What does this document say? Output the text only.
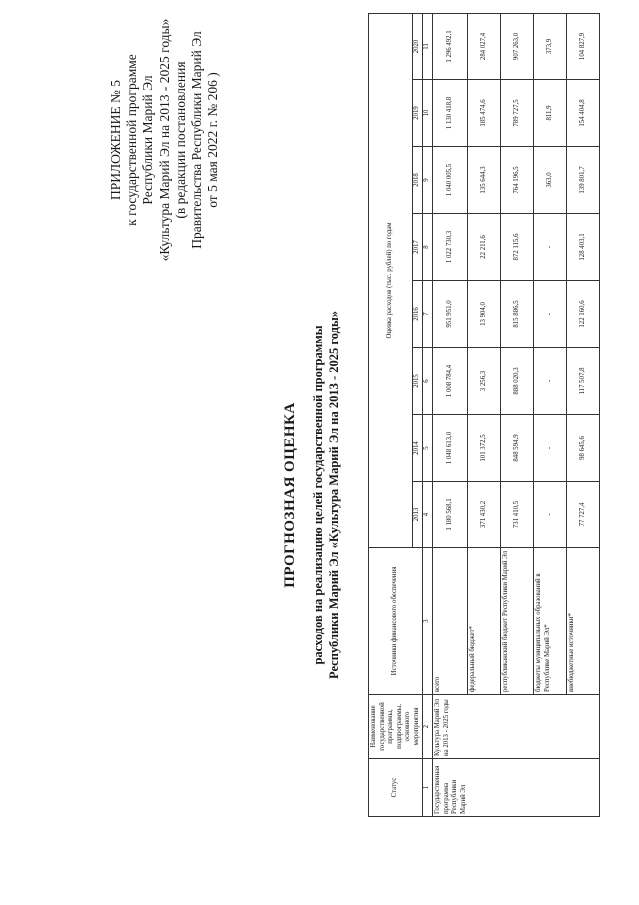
ПРИЛОЖЕНИЕ № 5 к государственной программе Республики Марий Эл «Культура Марий Эл на 2013 - 2025 годы» (в редакции постановления Правительства Республики Марий Эл от 5 мая 2022 г. № 206 )
ПРОГНОЗНАЯ ОЦЕНКА расходов на реализацию целей государственной программы Республики Марий Эл «Культура Марий Эл на 2013 - 2025 годы»
Статус	Наименование государственной программы, подпрограммы, основного мероприятия	Источники финансового обеспечения	Оценка расходов (тыс. рублей) по годам							
			2013	2014	2015	2016	2017	2018	2019	2020
1	2	3	4	5	6	7	8	9	10	11
Государственная программа Республики Марий Эл	Культура Марий Эл на 2013 - 2025 годы	всего	1 180 568,1	1 048 613,0	1 008 784,4	951 951,0	1 022 730,3	1 040 005,5	1 130 418,8	1 296 492,1
		федеральный бюджет*	371 430,2	101 372,5	3 256,3	13 904,0	22 211,6	135 644,3	185 474,6	284 027,4
		республиканский бюджет Республики Марий Эл	731 410,5	848 594,9	888 020,3	815 886,5	872 115,6	764 196,5	789 727,5	907 263,0
		бюджеты муниципальных образований в Республике Марий Эл*	-	-	-	-	-	363,0	811,9	373,9
		внебюджетные источники*	77 727,4	98 645,6	117 507,8	122 160,6	128 403,1	139 801,7	154 404,8	104 827,9
